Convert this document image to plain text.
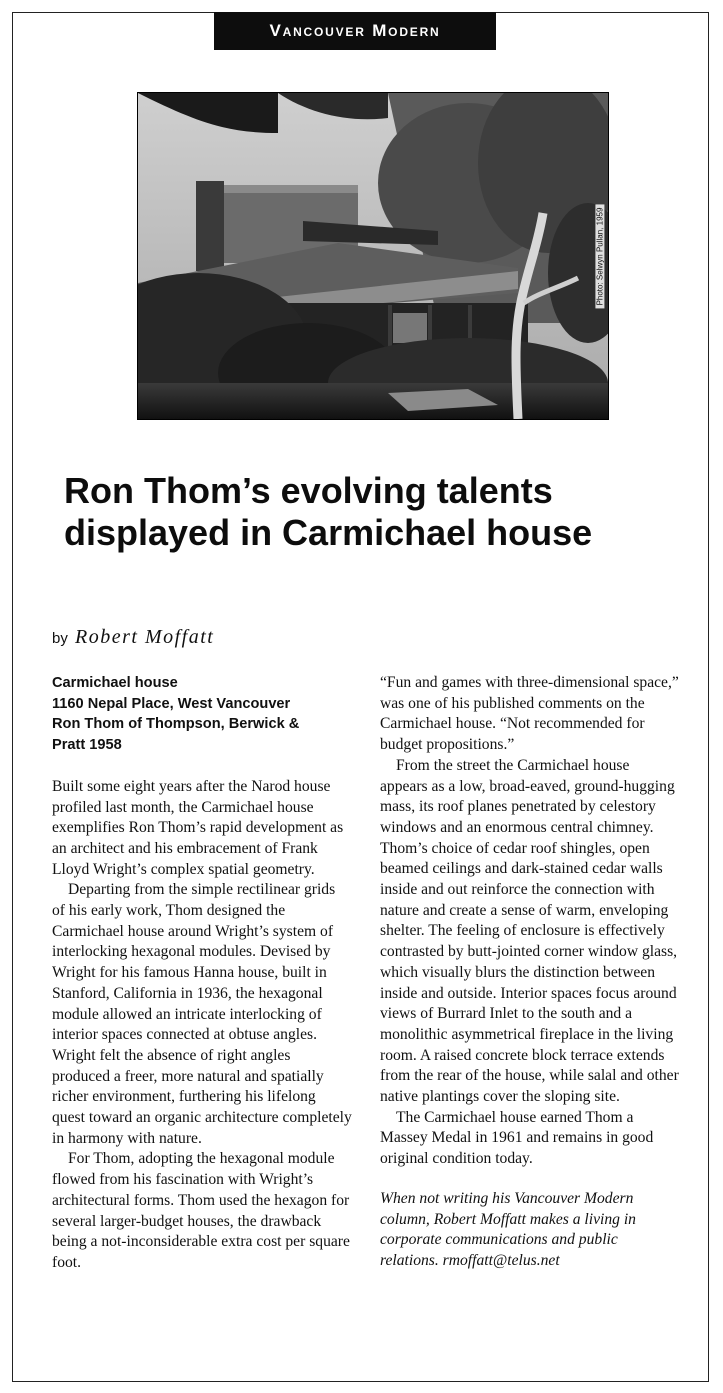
Vancouver Modern
Photo: Selwyn Pullan, 1959
Ron Thom’s evolving talents displayed in Carmichael house
by Robert Moffatt
Carmichael house
1160 Nepal Place, West Vancouver
Ron Thom of Thompson, Berwick &
Pratt 1958

Built some eight years after the Narod house profiled last month, the Carmichael house exemplifies Ron Thom’s rapid development as an architect and his embracement of Frank Lloyd Wright’s complex spatial geometry.

Departing from the simple rectilinear grids of his early work, Thom designed the Carmichael house around Wright’s system of interlocking hexagonal modules. Devised by Wright for his famous Hanna house, built in Stanford, California in 1936, the hexagonal module allowed an intricate interlocking of interior spaces connected at obtuse angles. Wright felt the absence of right angles produced a freer, more natural and spatially richer environment, furthering his lifelong quest toward an organic architecture completely in harmony with nature.

For Thom, adopting the hexagonal module flowed from his fascination with Wright’s architectural forms. Thom used the hexagon for several larger-budget houses, the drawback being a not-inconsiderable extra cost per square foot.

“Fun and games with three-dimensional space,” was one of his published comments on the Carmichael house. “Not recommended for budget propositions.”

From the street the Carmichael house appears as a low, broad-eaved, ground-hugging mass, its roof planes penetrated by celestory windows and an enormous central chimney. Thom’s choice of cedar roof shingles, open beamed ceilings and dark-stained cedar walls inside and out reinforce the connection with nature and create a sense of warm, enveloping shelter. The feeling of enclosure is effectively contrasted by butt-jointed corner window glass, which visually blurs the distinction between inside and outside. Interior spaces focus around views of Burrard Inlet to the south and a monolithic asymmetrical fireplace in the living room. A raised concrete block terrace extends from the rear of the house, while salal and other native plantings cover the sloping site.

The Carmichael house earned Thom a Massey Medal in 1961 and remains in good original condition today.

When not writing his Vancouver Modern column, Robert Moffatt makes a living in corporate communications and public relations. rmoffatt@telus.net
